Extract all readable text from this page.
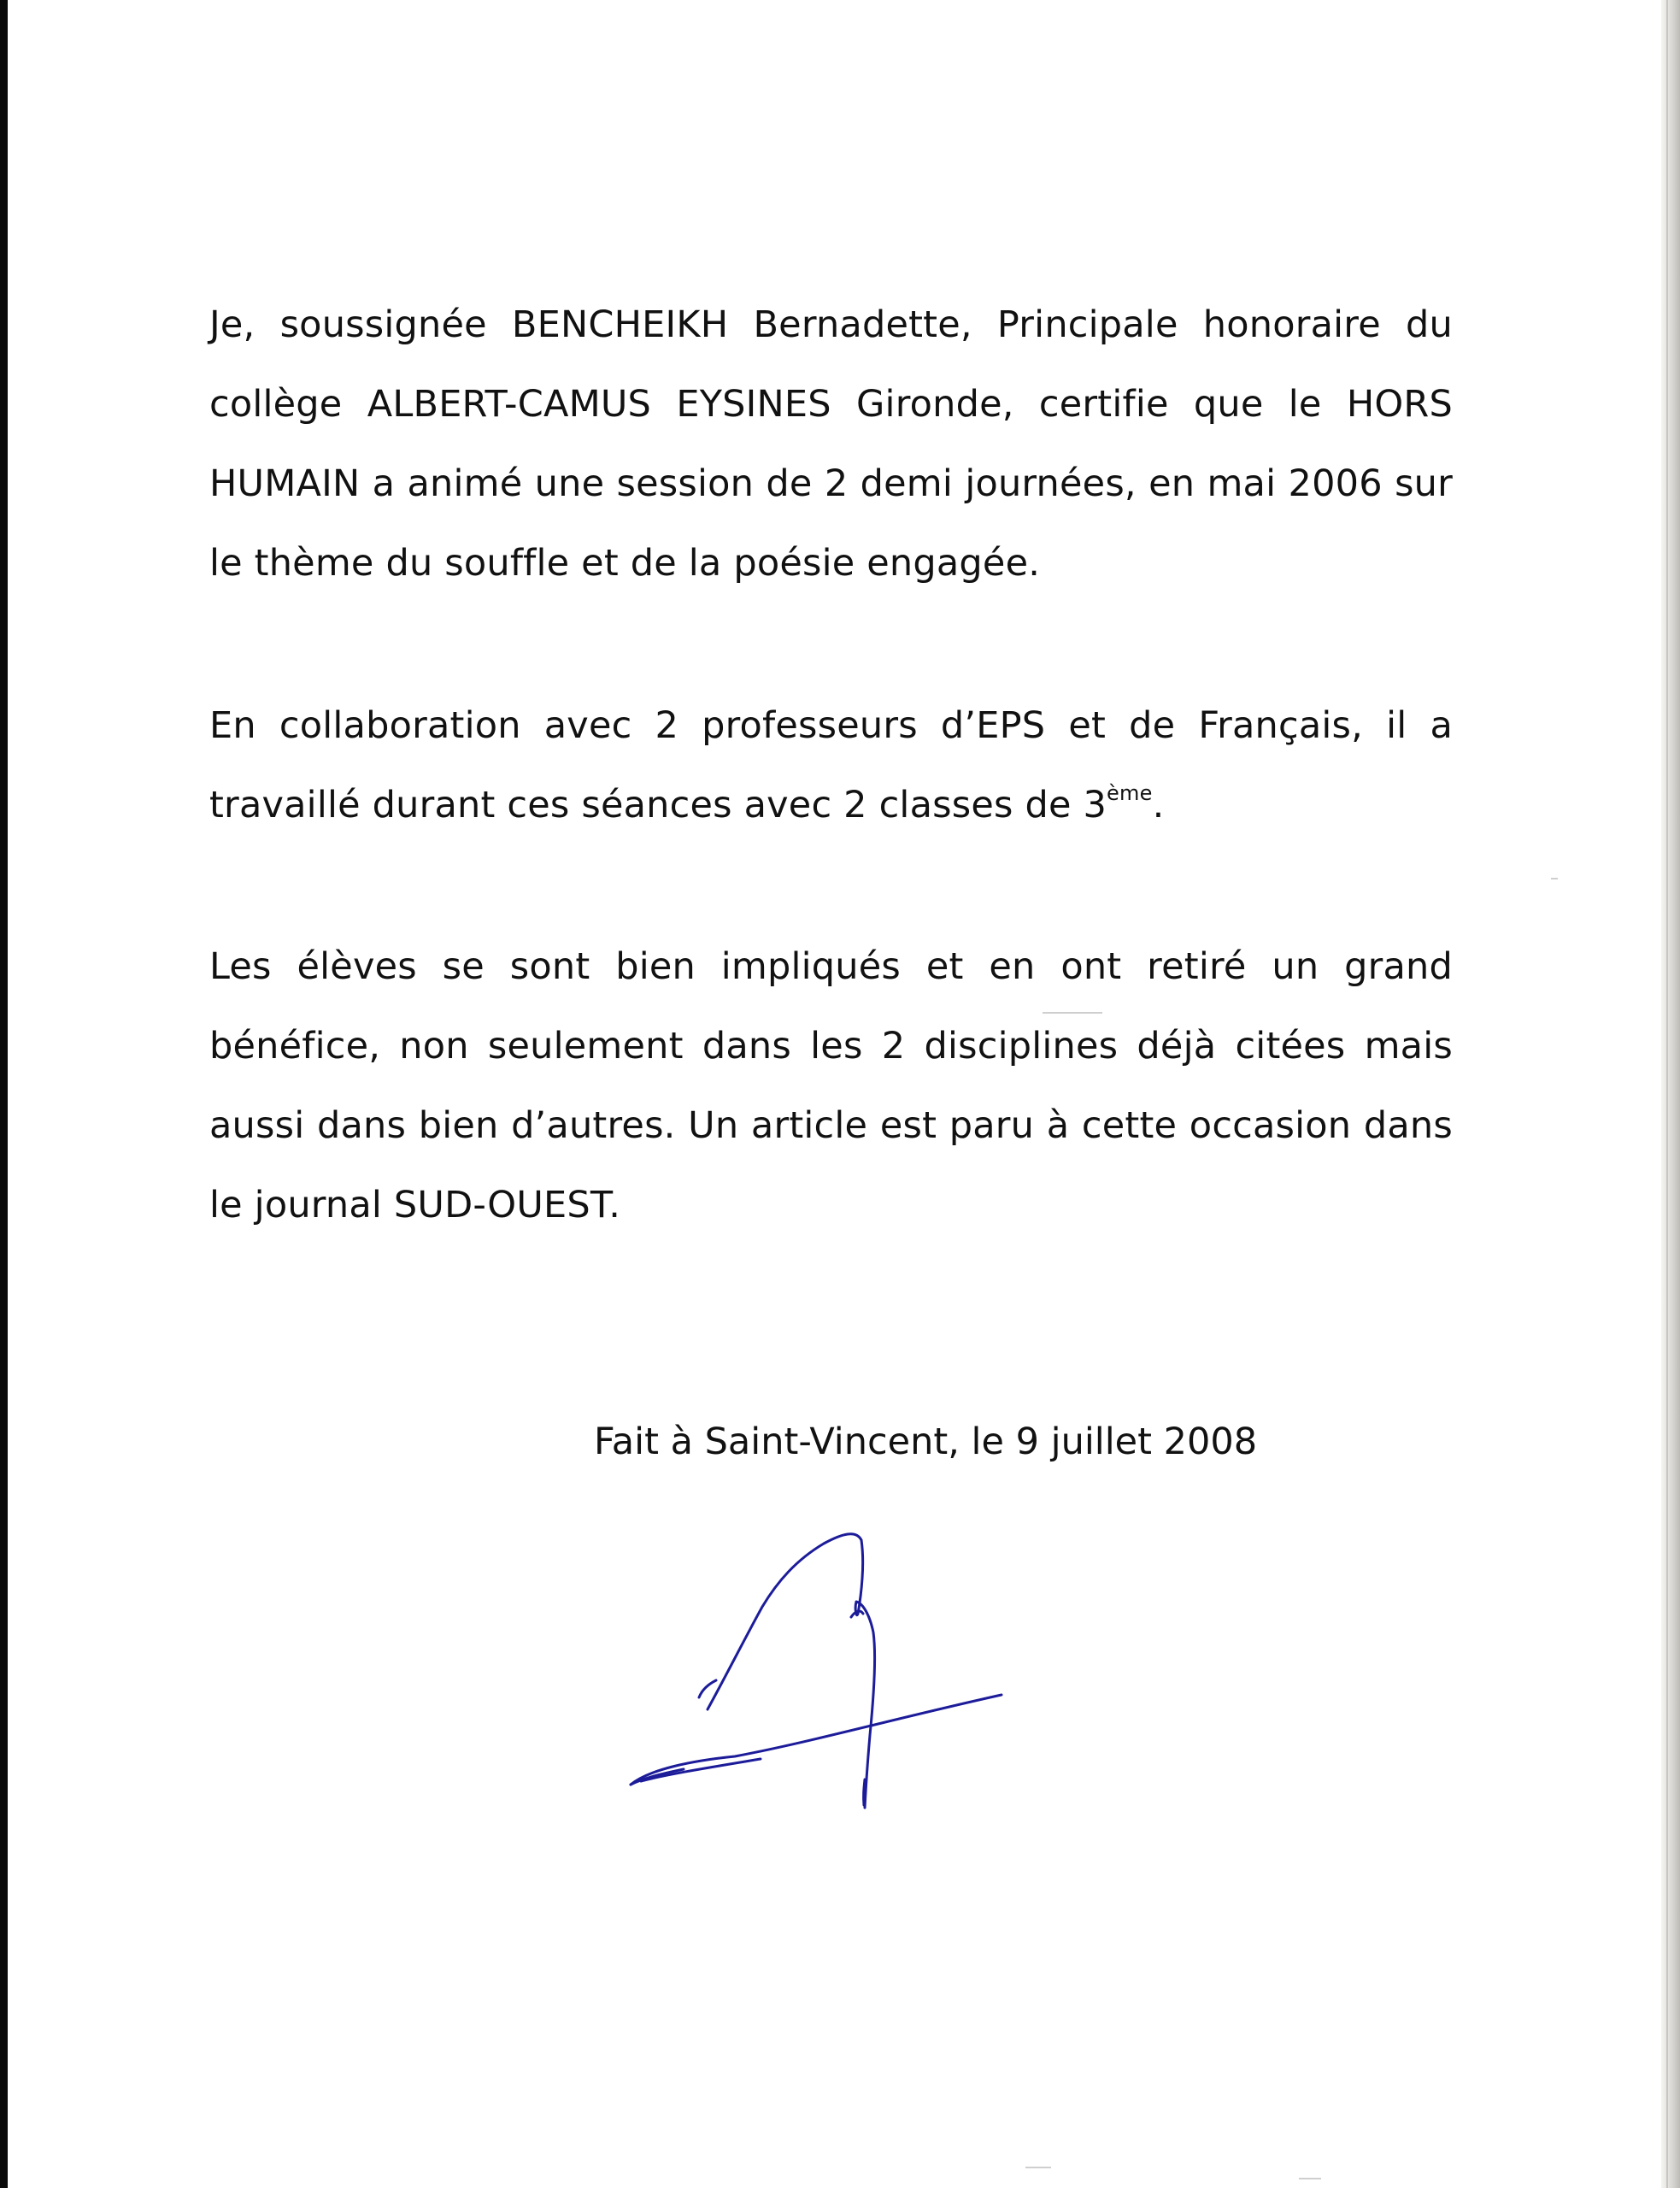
Je, soussignée BENCHEIKH Bernadette, Principale honoraire du collège ALBERT-CAMUS EYSINES Gironde, certifie que le HORS HUMAIN a animé une session de 2 demi journées, en mai 2006 sur le thème du souffle et de la poésie engagée.

En collaboration avec 2 professeurs d’EPS et de Français, il a travaillé durant ces séances avec 2 classes de 3ème.

Les élèves se sont bien impliqués et en ont retiré un grand bénéfice, non seulement dans les 2 disciplines déjà citées mais aussi dans bien d’autres. Un article est paru à cette occasion dans le journal SUD-OUEST.

Fait à Saint-Vincent, le 9 juillet 2008
